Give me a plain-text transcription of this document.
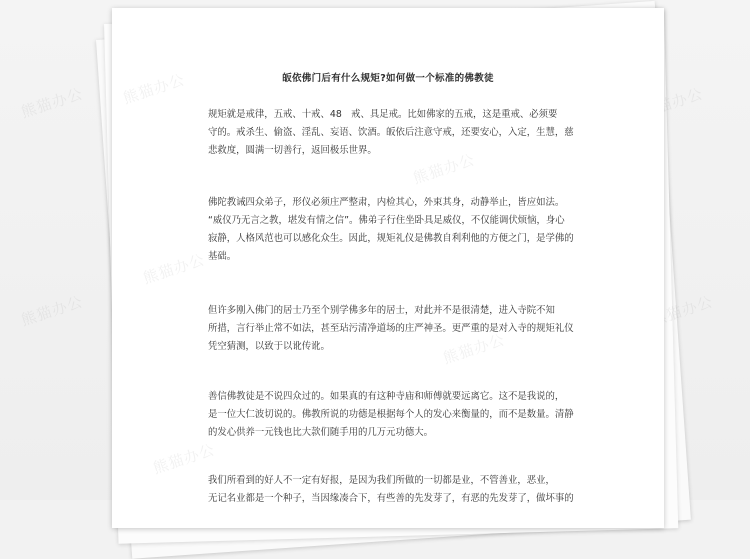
熊猫办公	熊猫办公
熊猫办公	熊猫办公
熊猫办公
熊猫办公
熊猫办公
熊猫办公
熊猫办公
皈依佛门后有什么规矩?如何做一个标准的佛教徒

规矩就是戒律，五戒、十戒、48　戒、具足戒。比如佛家的五戒，这是重戒、必须要
守的。戒杀生、偷盗、淫乱、妄语、饮酒。皈依后注意守戒，还要安心，入定，生慧，慈
悲救度，圆满一切善行，返回极乐世界。

佛陀教诫四众弟子，形仪必须庄严整肃，内检其心，外束其身，动静举止，皆应如法。
“威仪乃无言之教，堪发有情之信”。佛弟子行住坐卧具足威仪，不仅能调伏烦恼，身心
寂静，人格风范也可以感化众生。因此，规矩礼仪是佛教自利利他的方便之门，是学佛的
基础。

但许多刚入佛门的居士乃至个别学佛多年的居士，对此并不是很清楚，进入寺院不知
所措，言行举止常不如法，甚至玷污清净道场的庄严神圣。更严重的是对入寺的规矩礼仪
凭空猜测，以致于以讹传讹。

善信佛教徒是不说四众过的。如果真的有这种寺庙和师傅就要远离它。这不是我说的，
是一位大仁波切说的。佛教所说的功德是根据每个人的发心来衡量的，而不是数量。清静
的发心供养一元钱也比大款们随手用的几万元功德大。

我们所看到的好人不一定有好报，是因为我们所做的一切都是业，不管善业，恶业，
无记名业都是一个种子，当因缘凑合下，有些善的先发芽了，有恶的先发芽了，做坏事的
